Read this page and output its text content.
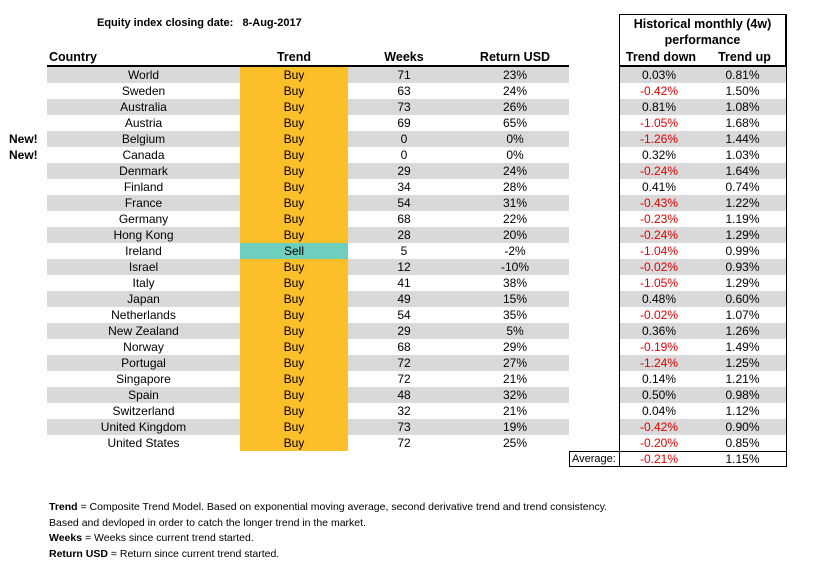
Equity index closing date: 8-Aug-2017	Historical monthly (4w)
performance
Country	Trend	Weeks	Return USD	Trend down	Trend up
World	Buy	71	23%	0.03%	0.81%
Sweden	Buy	63	24%	-0.42%	1.50%
Australia	Buy	73	26%	0.81%	1.08%
Austria	Buy	69	65%	-1.05%	1.68%
New!	Belgium	Buy	0	0%	-1.26%	1.44%
New!	Canada	Buy	0	0%	0.32%	1.03%
Denmark	Buy	29	24%	-0.24%	1.64%
Finland	Buy	34	28%	0.41%	0.74%
France	Buy	54	31%	-0.43%	1.22%
Germany	Buy	68	22%	-0.23%	1.19%
Hong Kong	Buy	28	20%	-0.24%	1.29%
Ireland	Sell	5	-2%	-1.04%	0.99%
Israel	Buy	12	-10%	-0.02%	0.93%
Italy	Buy	41	38%	-1.05%	1.29%
Japan	Buy	49	15%	0.48%	0.60%
Netherlands	Buy	54	35%	-0.02%	1.07%
New Zealand	Buy	29	5%	0.36%	1.26%
Norway	Buy	68	29%	-0.19%	1.49%
Portugal	Buy	72	27%	-1.24%	1.25%
Singapore	Buy	72	21%	0.14%	1.21%
Spain	Buy	48	32%	0.50%	0.98%
Switzerland	Buy	32	21%	0.04%	1.12%
United Kingdom	Buy	73	19%	-0.42%	0.90%
United States	Buy	72	25%	-0.20%	0.85%
Average:	-0.21%	1.15%
Trend = Composite Trend Model. Based on exponential moving average, second derivative trend and trend consistency. Based and devloped in order to catch the longer trend in the market.
Weeks = Weeks since current trend started.
Return USD = Return since current trend started.
